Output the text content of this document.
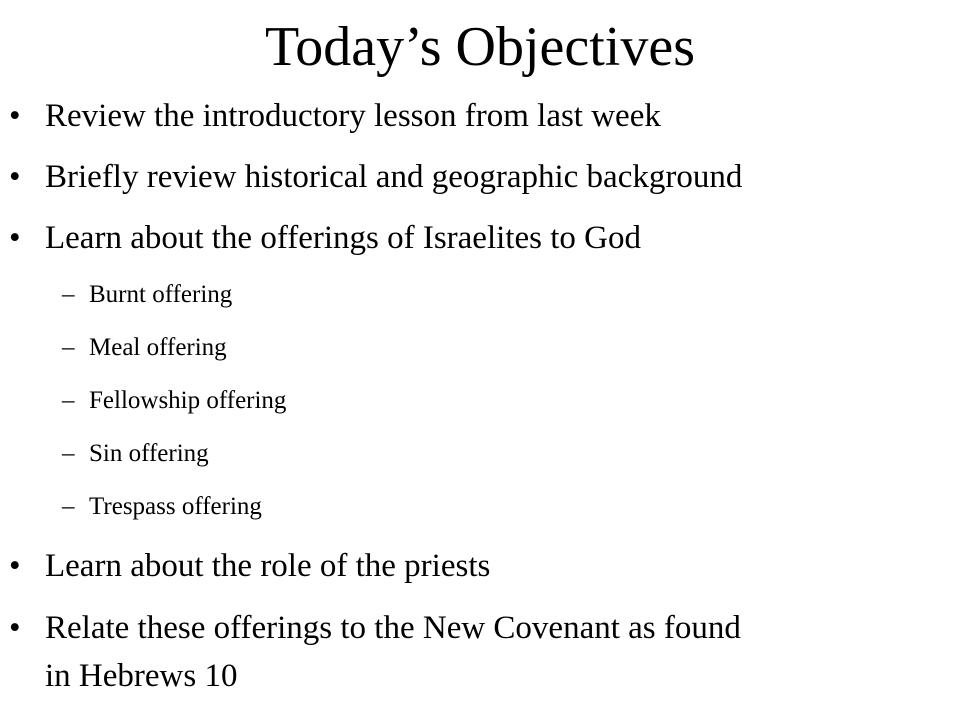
Today’s Objectives
• Review the introductory lesson from last week
• Briefly review historical and geographic background
• Learn about the offerings of Israelites to God
– Burnt offering
– Meal offering
– Fellowship offering
– Sin offering
– Trespass offering
• Learn about the role of the priests
• Relate these offerings to the New Covenant as found
in Hebrews 10
